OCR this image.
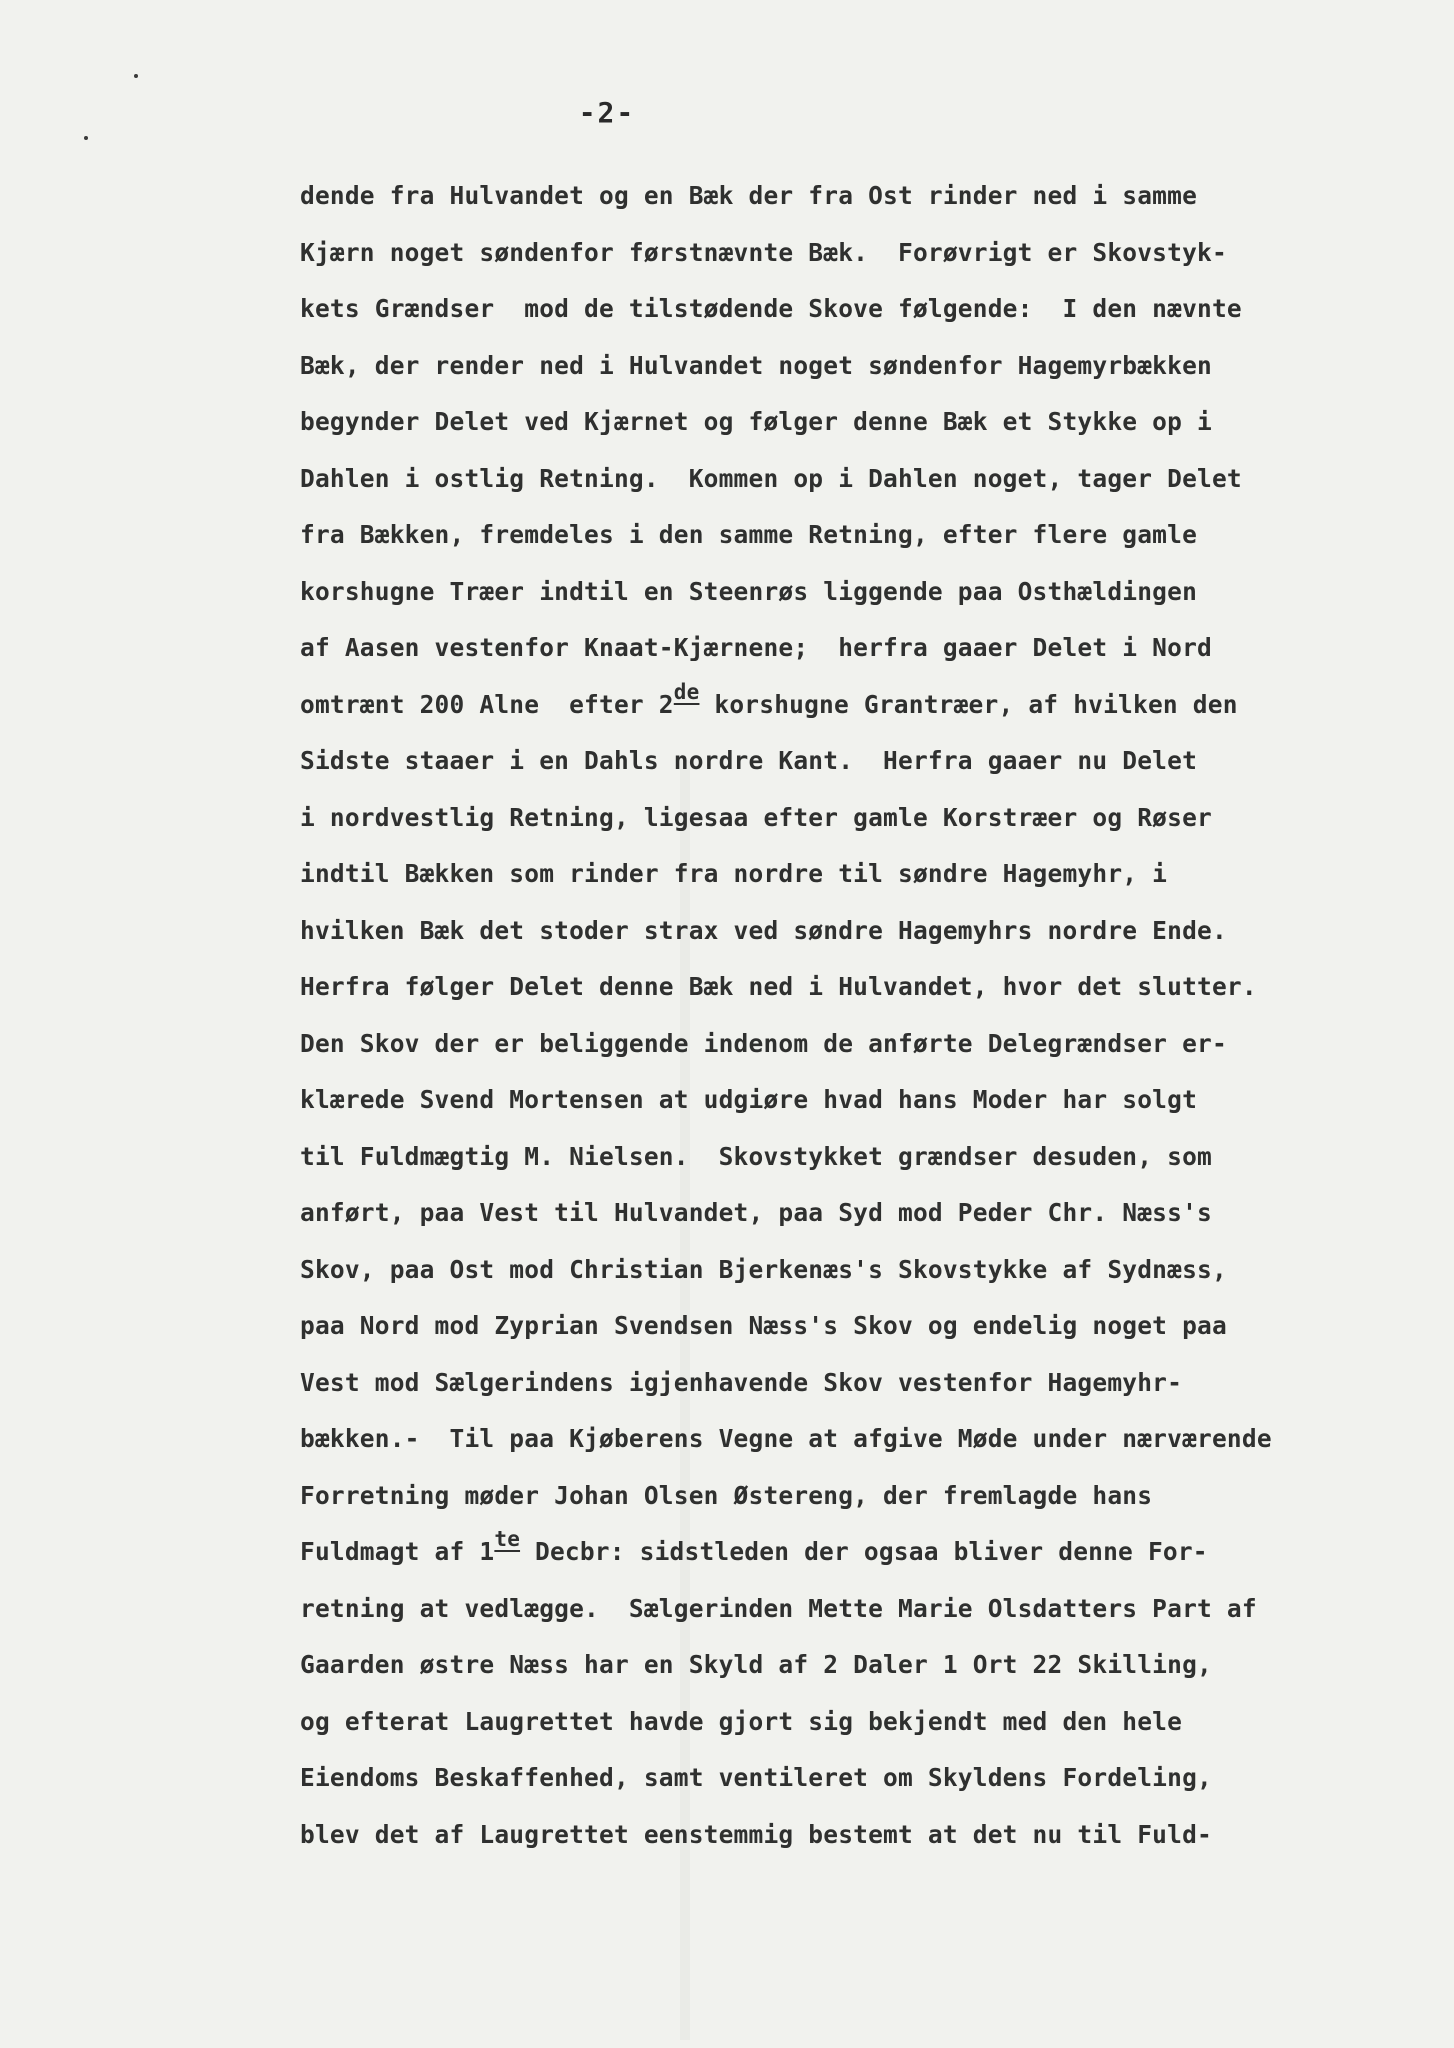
-2-
dende fra Hulvandet og en Bæk der fra Ost rinder ned i samme
Kjærn noget søndenfor førstnævnte Bæk.  Forøvrigt er Skovstyk-
kets Grændser  mod de tilstødende Skove følgende:  I den nævnte
Bæk, der render ned i Hulvandet noget søndenfor Hagemyrbækken
begynder Delet ved Kjærnet og følger denne Bæk et Stykke op i
Dahlen i ostlig Retning.  Kommen op i Dahlen noget, tager Delet
fra Bækken, fremdeles i den samme Retning, efter flere gamle
korshugne Træer indtil en Steenrøs liggende paa Osthældingen
af Aasen vestenfor Knaat-Kjærnene;  herfra gaaer Delet i Nord
omtrænt 200 Alne  efter 2de korshugne Grantræer, af hvilken den
Sidste staaer i en Dahls nordre Kant.  Herfra gaaer nu Delet
i nordvestlig Retning, ligesaa efter gamle Korstræer og Røser
indtil Bækken som rinder fra nordre til søndre Hagemyhr, i
hvilken Bæk det stoder strax ved søndre Hagemyhrs nordre Ende.
Herfra følger Delet denne Bæk ned i Hulvandet, hvor det slutter.
Den Skov der er beliggende indenom de anførte Delegrændser er-
klærede Svend Mortensen at udgiøre hvad hans Moder har solgt
til Fuldmægtig M. Nielsen.  Skovstykket grændser desuden, som
anført, paa Vest til Hulvandet, paa Syd mod Peder Chr. Næss's
Skov, paa Ost mod Christian Bjerkenæs's Skovstykke af Sydnæss,
paa Nord mod Zyprian Svendsen Næss's Skov og endelig noget paa
Vest mod Sælgerindens igjenhavende Skov vestenfor Hagemyhr-
bækken.-  Til paa Kjøberens Vegne at afgive Møde under nærværende
Forretning møder Johan Olsen Østereng, der fremlagde hans
Fuldmagt af 1te Decbr: sidstleden der ogsaa bliver denne For-
retning at vedlægge.  Sælgerinden Mette Marie Olsdatters Part af
Gaarden østre Næss har en Skyld af 2 Daler 1 Ort 22 Skilling,
og efterat Laugrettet havde gjort sig bekjendt med den hele
Eiendoms Beskaffenhed, samt ventileret om Skyldens Fordeling,
blev det af Laugrettet eenstemmig bestemt at det nu til Fuld-
